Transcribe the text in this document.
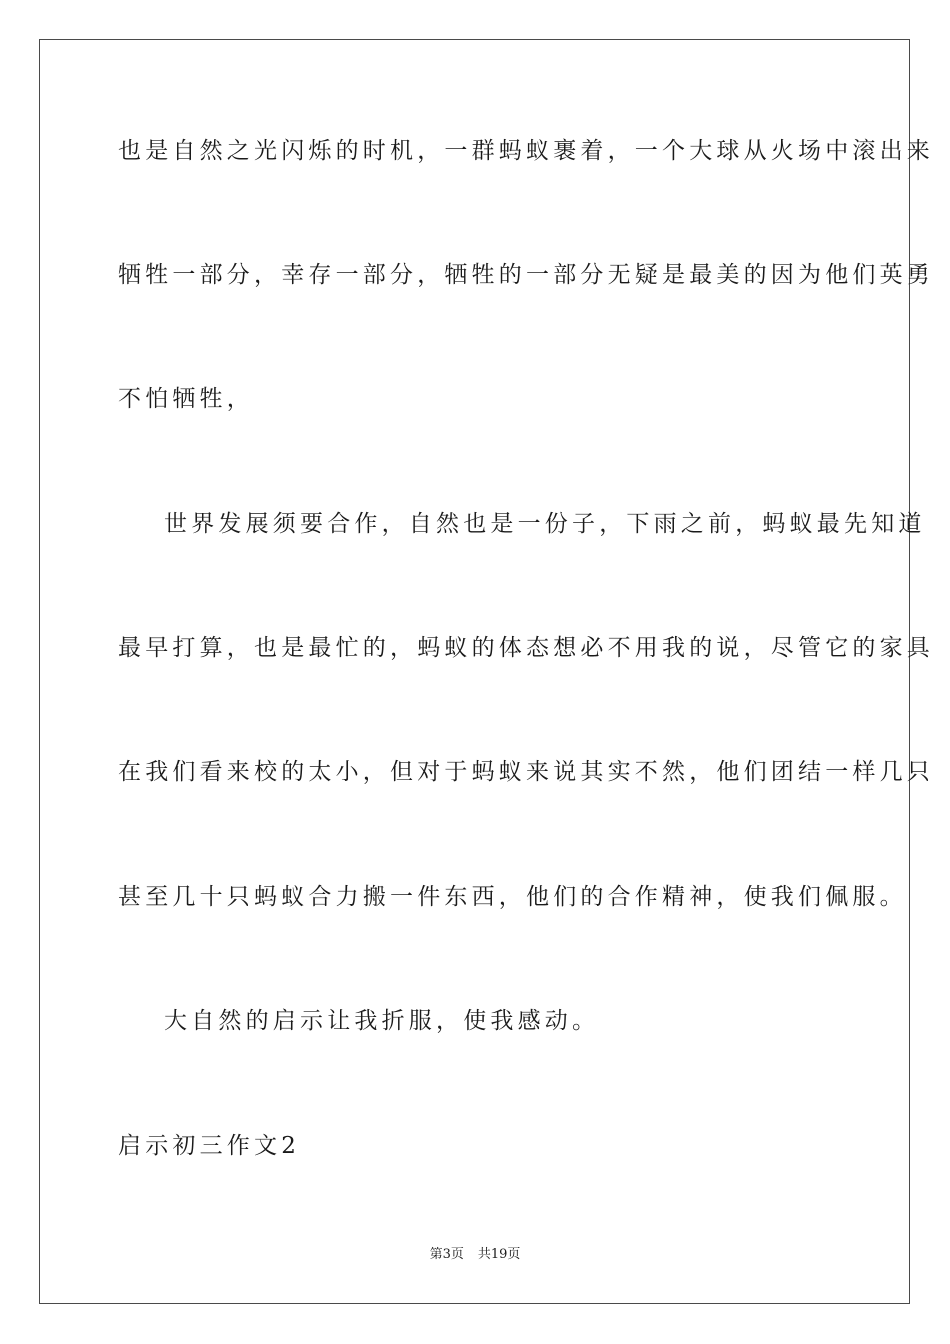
也是自然之光闪烁的时机，一群蚂蚁裹着，一个大球从火场中滚出来
牺牲一部分，幸存一部分，牺牲的一部分无疑是最美的因为他们英勇
不怕牺牲，
世界发展须要合作，自然也是一份子，下雨之前，蚂蚁最先知道
最早打算，也是最忙的，蚂蚁的体态想必不用我的说，尽管它的家具
在我们看来校的太小，但对于蚂蚁来说其实不然，他们团结一样几只
甚至几十只蚂蚁合力搬一件东西，他们的合作精神，使我们佩服。
大自然的启示让我折服，使我感动。
启示初三作文2
第3页 共19页
